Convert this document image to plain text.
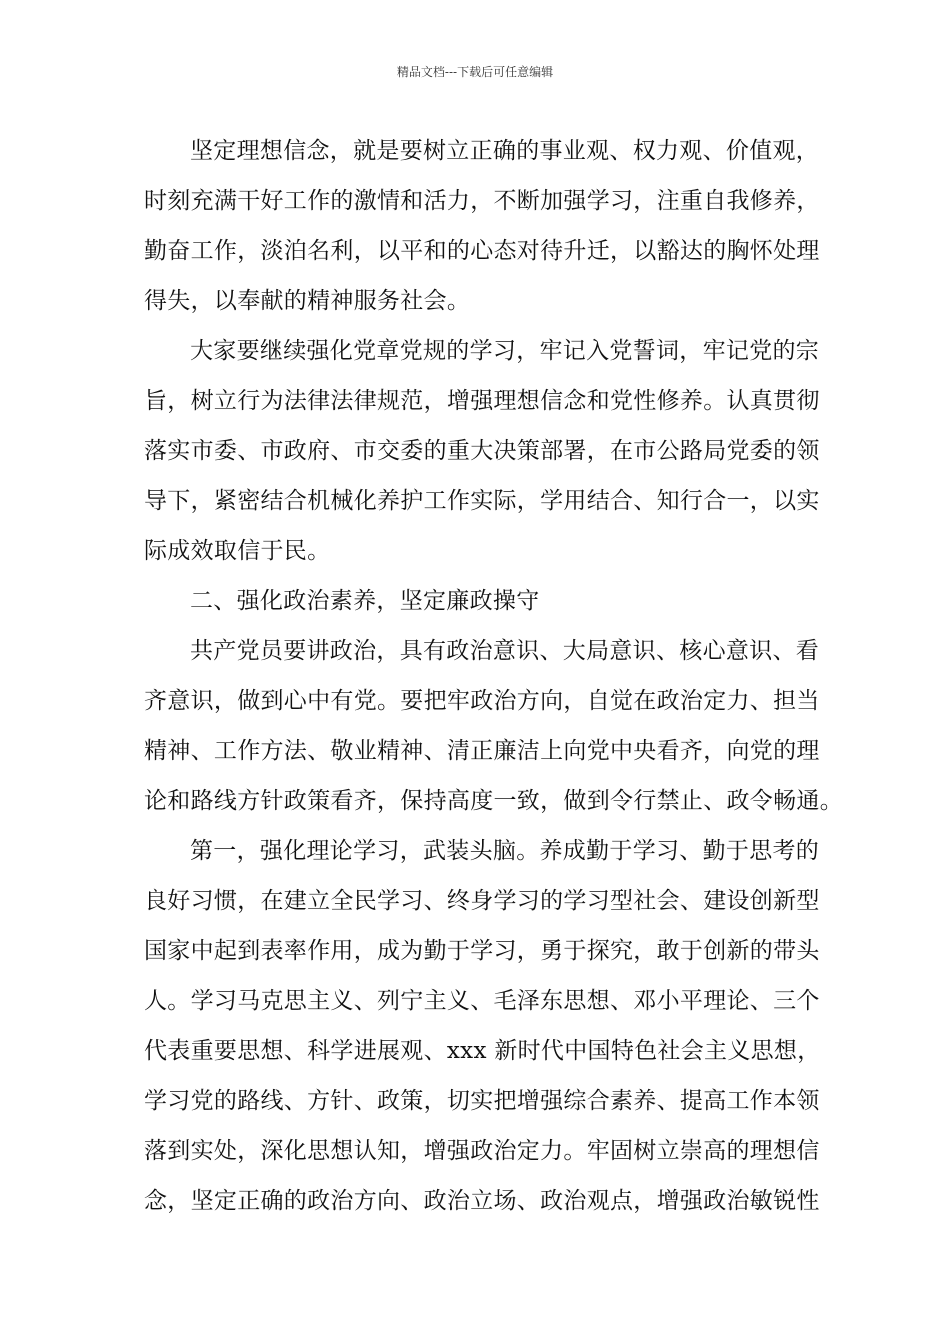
精品文档---下载后可任意编辑
坚定理想信念，就是要树立正确的事业观、权力观、价值观，
时刻充满干好工作的激情和活力，不断加强学习，注重自我修养，
勤奋工作，淡泊名利，以平和的心态对待升迁，以豁达的胸怀处理
得失，以奉献的精神服务社会。
大家要继续强化党章党规的学习，牢记入党誓词，牢记党的宗
旨，树立行为法律法律规范，增强理想信念和党性修养。认真贯彻
落实市委、市政府、市交委的重大决策部署，在市公路局党委的领
导下，紧密结合机械化养护工作实际，学用结合、知行合一，以实
际成效取信于民。
二、强化政治素养，坚定廉政操守
共产党员要讲政治，具有政治意识、大局意识、核心意识、看
齐意识，做到心中有党。要把牢政治方向，自觉在政治定力、担当
精神、工作方法、敬业精神、清正廉洁上向党中央看齐，向党的理
论和路线方针政策看齐，保持高度一致，做到令行禁止、政令畅通。
第一，强化理论学习，武装头脑。养成勤于学习、勤于思考的
良好习惯，在建立全民学习、终身学习的学习型社会、建设创新型
国家中起到表率作用，成为勤于学习，勇于探究，敢于创新的带头
人。学习马克思主义、列宁主义、毛泽东思想、邓小平理论、三个
代表重要思想、科学进展观、xxx 新时代中国特色社会主义思想，
学习党的路线、方针、政策，切实把增强综合素养、提高工作本领
落到实处，深化思想认知，增强政治定力。牢固树立崇高的理想信
念，坚定正确的政治方向、政治立场、政治观点，增强政治敏锐性
